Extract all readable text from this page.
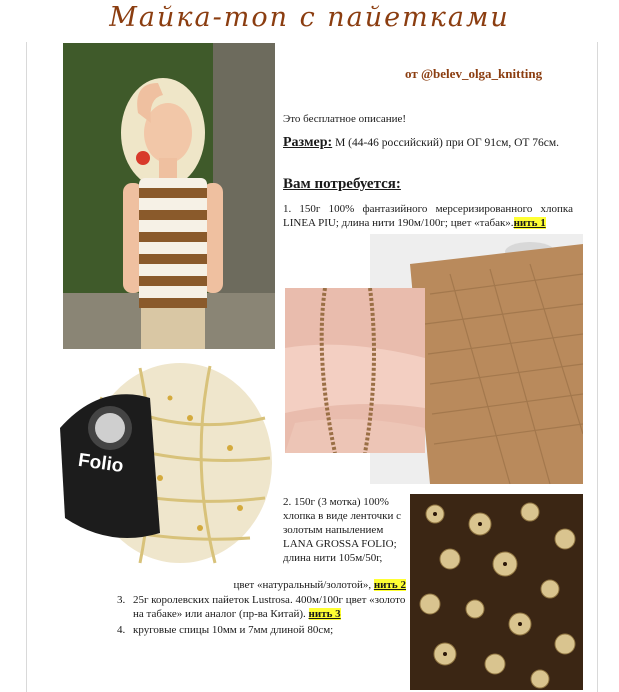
Майка-топ с пайетками
от @belev_olga_knitting
Это бесплатное описание!
Размер: М (44-46 российский) при ОГ 91см, ОТ 76см.
Вам потребуется:
1. 150г 100% фантазийного мерсеризированного хлопка LINEA PIU; длина нити 190м/100г; цвет «табак».нить 1
Folio
2. 150г (3 мотка) 100% хлопка в виде ленточки с золотым напылением LANA GROSSA FOLIO; длина нити 105м/50г,
цвет «натуральный/золотой», нить 2
3. 25г королевских пайеток Lustrosa. 400м/100г цвет «золото на табаке» или аналог (пр-ва Китай). нить 3
4. круговые спицы 10мм и 7мм длиной 80см;
